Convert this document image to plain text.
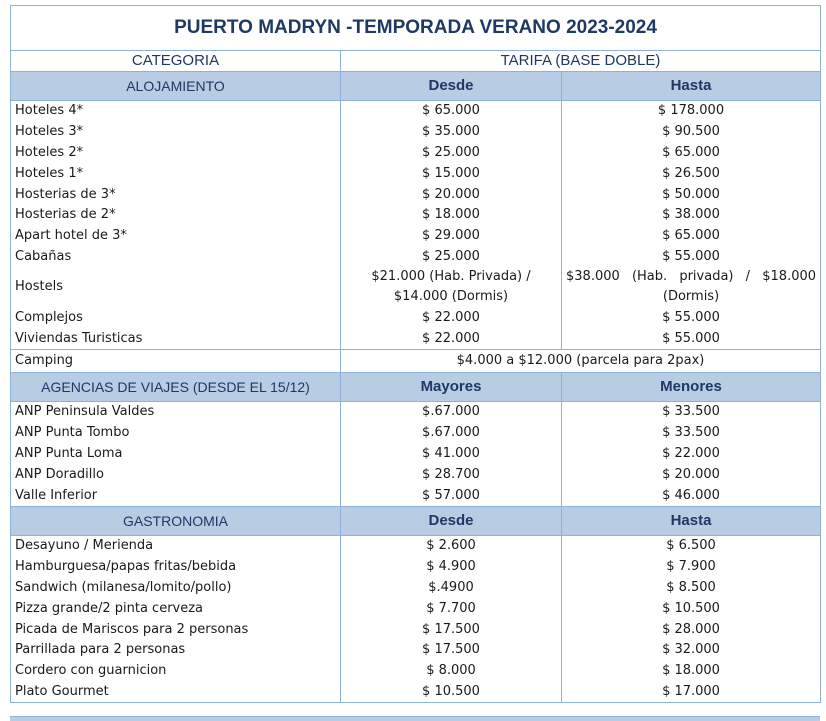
PUERTO MADRYN -TEMPORADA VERANO 2023-2024		
CATEGORIA	TARIFA (BASE DOBLE)	
ALOJAMIENTO	Desde	Hasta
Hoteles 4*	$ 65.000	$ 178.000
Hoteles 3*	$ 35.000	$ 90.500
Hoteles 2*	$ 25.000	$ 65.000
Hoteles 1*	$ 15.000	$ 26.500
Hosterias de 3*	$ 20.000	$ 50.000
Hosterias de 2*	$ 18.000	$ 38.000
Apart hotel de 3*	$ 29.000	$ 65.000
Cabañas	$ 25.000	$ 55.000
Hostels	$21.000 (Hab. Privada) / $14.000 (Dormis)	$38.000 (Hab. privada) / $18.000 (Dormis)
Complejos	$ 22.000	$ 55.000
Viviendas Turisticas	$ 22.000	$ 55.000
Camping	$4.000 a $12.000 (parcela para 2pax)	
AGENCIAS DE VIAJES (DESDE EL 15/12)	Mayores	Menores
ANP Peninsula Valdes	$.67.000	$ 33.500
ANP Punta Tombo	$.67.000	$ 33.500
ANP Punta Loma	$ 41.000	$ 22.000
ANP Doradillo	$ 28.700	$ 20.000
Valle Inferior	$ 57.000	$ 46.000
GASTRONOMIA	Desde	Hasta
Desayuno / Merienda	$ 2.600	$ 6.500
Hamburguesa/papas fritas/bebida	$ 4.900	$ 7.900
Sandwich (milanesa/lomito/pollo)	$.4900	$ 8.500
Pizza grande/2 pinta cerveza	$ 7.700	$ 10.500
Picada de Mariscos para 2 personas	$ 17.500	$ 28.000
Parrillada para 2 personas	$ 17.500	$ 32.000
Cordero con guarnicion	$ 8.000	$ 18.000
Plato Gourmet	$ 10.500	$ 17.000
